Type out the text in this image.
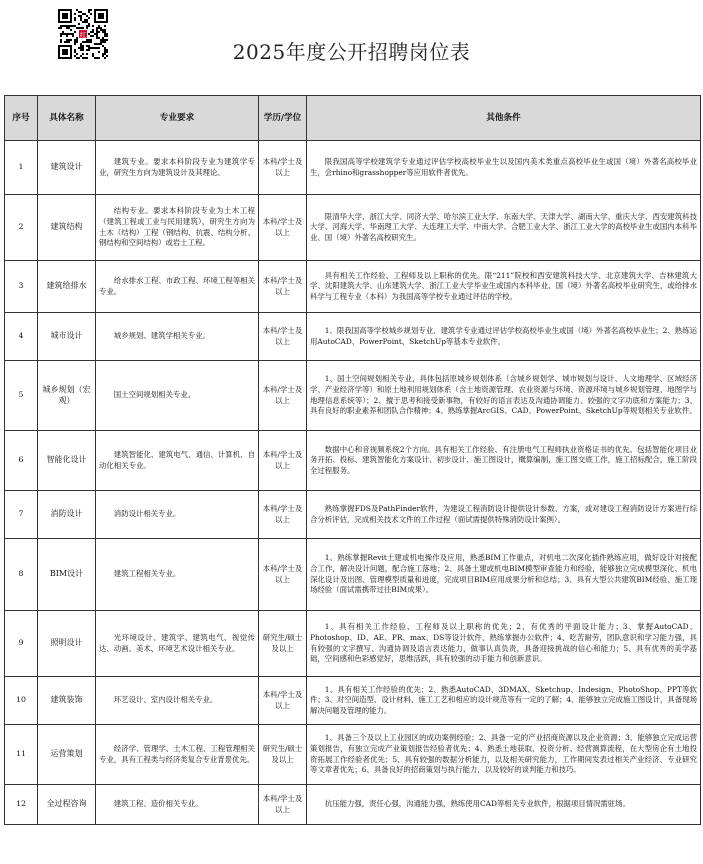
红
2025年度公开招聘岗位表
序号	具体名称	专业要求	学历/学位	其他条件
1	建筑设计	建筑专业。要求本科阶段专业为建筑学专业，研究生方向为建筑设计及其理论。	本科/学士及以上	限我国高等学校建筑学专业通过评估学校高校毕业生以及国内美术类重点高校毕业生或国（境）外著名高校毕业生，会rhino和grasshopper等应用软件者优先。
2	建筑结构	结构专业。要求本科阶段专业为土木工程（建筑工程或工业与民用建筑），研究生方向为土木（结构）工程（钢结构、抗震、结构分析、钢结构和空间结构）或岩土工程。	本科/学士及以上	限清华大学、浙江大学、同济大学、哈尔滨工业大学、东南大学、天津大学、湖南大学、重庆大学、西安建筑科技大学、河海大学、华南理工大学、大连理工大学、中南大学、合肥工业大学、浙江工业大学的高校毕业生或国内本科毕业、国（境）外著名高校研究生。
3	建筑给排水	给水排水工程、市政工程、环境工程等相关专业。	本科/学士及以上	具有相关工作经验、工程师及以上职称的优先。限“211”院校和西安建筑科技大学、北京建筑大学、吉林建筑大学、沈阳建筑大学、山东建筑大学、浙江工业大学毕业生或国内本科毕业、国（境）外著名高校毕业研究生，或给排水科学与工程专业（本科）为我国高等学校专业通过评估的学校。
4	城市设计	城乡规划、建筑学相关专业。	本科/学士及以上	1、限我国高等学校城乡规划专业、建筑学专业通过评估学校高校毕业生或国（境）外著名高校毕业生；2、熟练运用AutoCAD、PowerPoint、SketchUp等基本专业软件。
5	城乡规划（宏观）	国土空间规划相关专业。	本科/学士及以上	1、国土空间规划相关专业，具体包括原城乡规划体系（含城乡规划学、城市规划与设计、人文地理学、区域经济学、产业经济学等）和原土地利用规划体系（含土地资源管理、农业资源与环境、资源环境与城乡规划管理、地图学与地理信息系统等）；2、擅于思考和接受新事物，有较好的语言表达及沟通协调能力、较强的文字功底和方案能力；3、具有良好的职业素养和团队合作精神；4、熟练掌握ArcGIS、CAD、PowerPoint、SketchUp等规划相关专业软件。
6	智能化设计	建筑智能化、建筑电气、通信、计算机、自动化相关专业。	本科/学士及以上	数据中心和音视频系统2个方向。具有相关工作经验、有注册电气工程师执业资格证书的优先。包括智能化项目业务开拓、投标、建筑智能化方案设计、初步设计、施工图设计，概算编制，施工图交底工作，施工招标配合，施工阶段全过程服务。
7	消防设计	消防设计相关专业。	本科/学士及以上	熟练掌握FDS及PathFinder软件，为建设工程消防设计提供设计参数、方案，或对建设工程消防设计方案进行综合分析评估，完成相关技术文件的工作过程（面试需提供特殊消防设计案例）。
8	BIM设计	建筑工程相关专业。	本科/学士及以上	1、熟练掌握Revit土建或机电操作及应用，熟悉BIM工作重点，对机电二次深化插件熟练应用，做好设计对接配合工作，解决设计问题，配合施工落地；2、具备土建或机电BIM模型审查能力和经验，能够独立完成模型深化、机电深化设计及出图、管理模型质量和进度，完成项目BIM应用成果分析和总结；3、具有大型公共建筑BIM经验、施工现场经验（面试需携带过往BIM成果）。
9	照明设计	光环境设计、建筑学、建筑电气、视觉传达、动画、美术、环境艺术设计相关专业。	研究生/硕士及以上	1、具有相关工作经验、工程师及以上职称的优先；2、有优秀的平面设计能力；3、掌握AutoCAD、Photoshop、ID、AE、PR、max、DS等设计软件，熟练掌握办公软件；4、吃苦耐劳，团队意识和学习能力强，具有较强的文字撰写、沟通协调及语言表达能力，做事认真负责，具备迎接挑战的信心和能力；5、具有优秀的美学基础，空间感和色彩感觉好，思维活跃，具有较强的动手能力和创新意识。
10	建筑装饰	环艺设计、室内设计相关专业。	本科/学士及以上	1、具有相关工作经验的优先；2、熟悉AutoCAD、3DMAX、Sketchup、Indesign、PhotoShop、PPT等软件；3、对空间造型、设计材料、施工工艺和相应的设计规范等有一定的了解；4、能够独立完成施工图设计，具备现场解决问题及管理的能力。
11	运营策划	经济学、管理学、土木工程、工程管理相关专业，具有工程类与经济类复合专业背景优先。	研究生/硕士及以上	1、具备三个及以上工业园区的成功案例经验；2、具备一定的产业招商资源以及企业资源；3、能够独立完成运营策划报告，有独立完成产业策划报告经验者优先；4、熟悉土地获取、投资分析、经营测算流程，在大型房企有土地投资拓展工作经验者优先；5、具有较强的数据分析能力，以及相关研究能力，工作期间发表过相关产业经济、专业研究等文章者优先；6、具备良好的招商策划与执行能力，以及较好的谈判能力和技巧。
12	全过程咨询	建筑工程、造价相关专业。	本科/学士及以上	抗压能力强，责任心强，沟通能力强，熟练使用CAD等相关专业软件，根据项目情况需驻场。
